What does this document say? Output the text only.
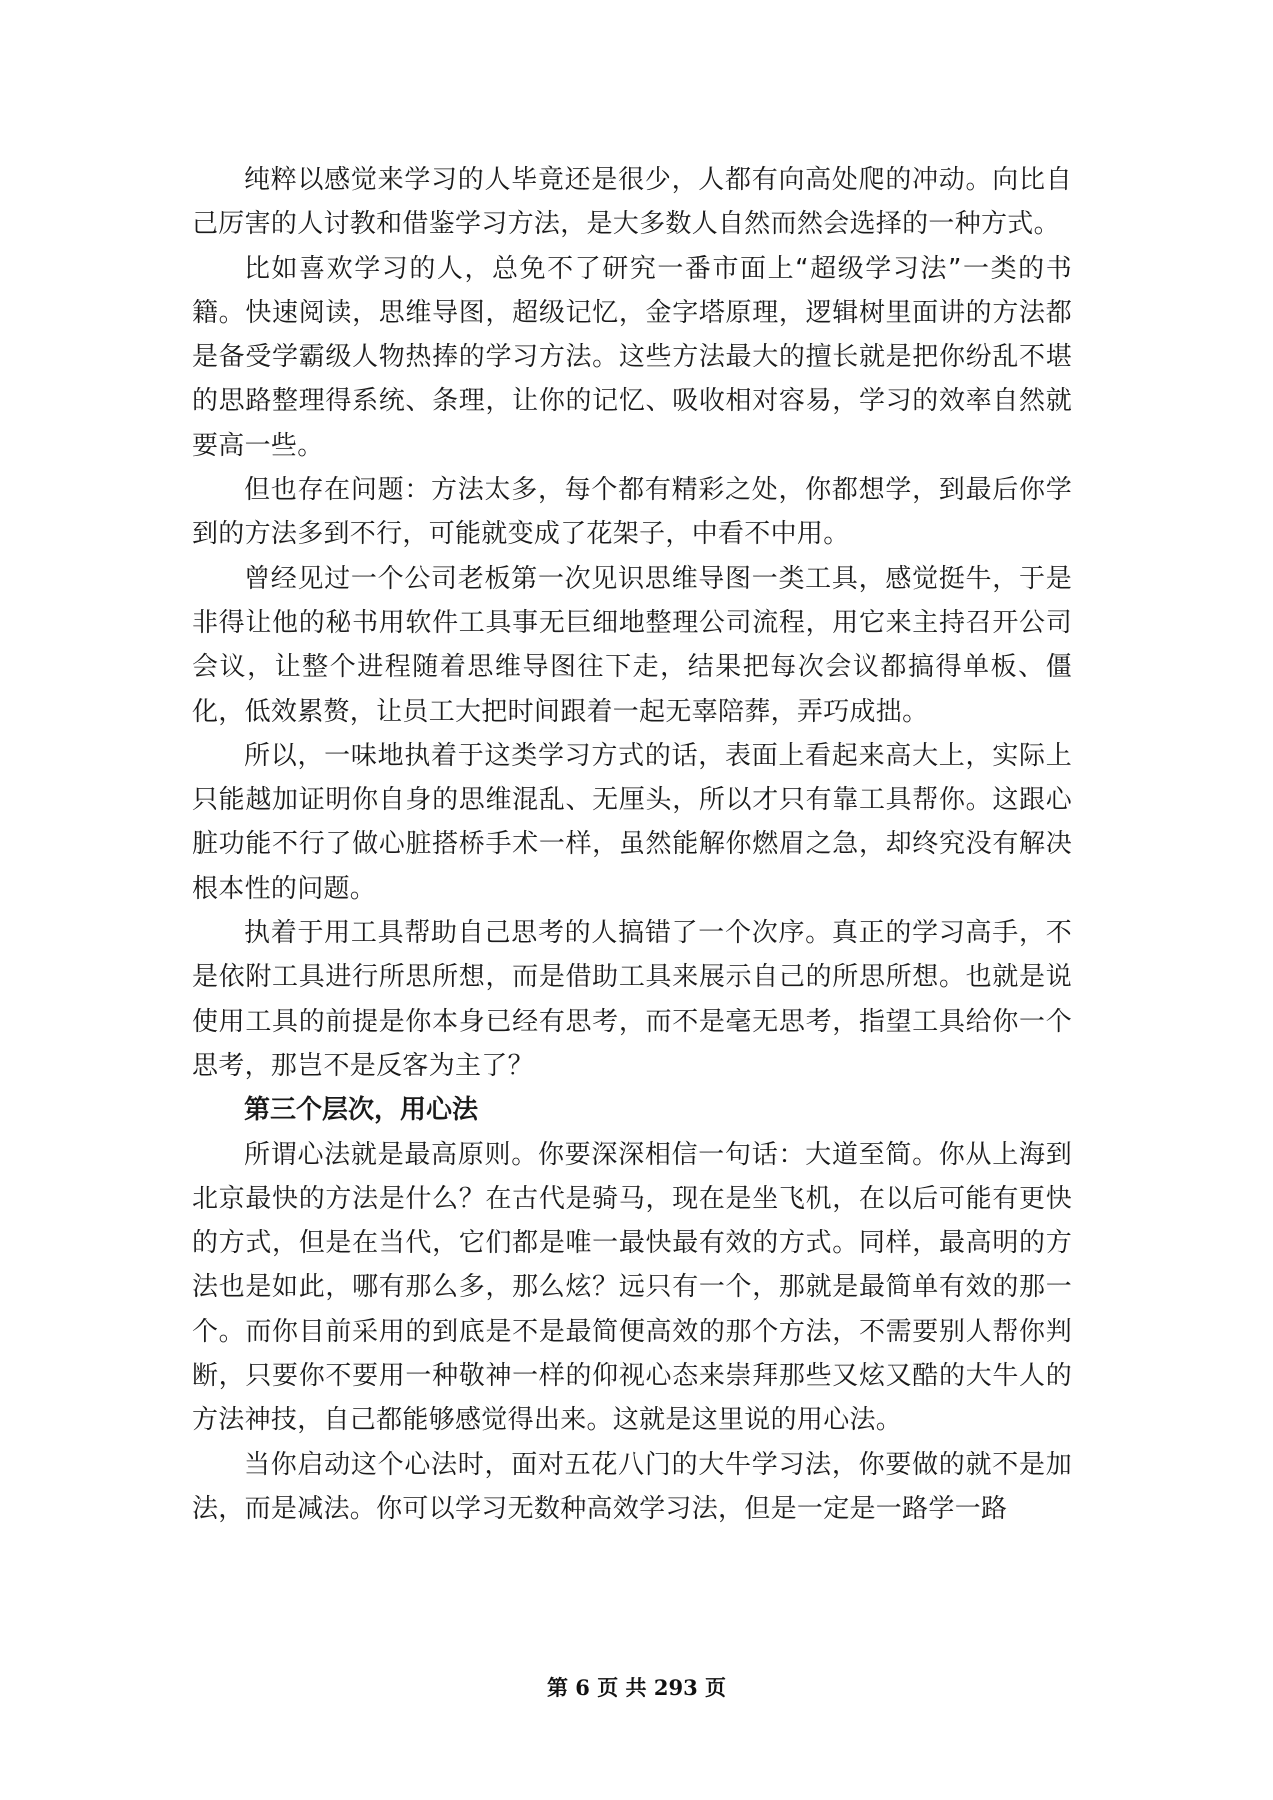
纯粹以感觉来学习的人毕竟还是很少，人都有向高处爬的冲动。向比自己厉害的人讨教和借鉴学习方法，是大多数人自然而然会选择的一种方式。

比如喜欢学习的人，总免不了研究一番市面上“超级学习法”一类的书籍。快速阅读，思维导图，超级记忆，金字塔原理，逻辑树里面讲的方法都是备受学霸级人物热捧的学习方法。这些方法最大的擅长就是把你纷乱不堪的思路整理得系统、条理，让你的记忆、吸收相对容易，学习的效率自然就要高一些。

但也存在问题：方法太多，每个都有精彩之处，你都想学，到最后你学到的方法多到不行，可能就变成了花架子，中看不中用。

曾经见过一个公司老板第一次见识思维导图一类工具，感觉挺牛，于是非得让他的秘书用软件工具事无巨细地整理公司流程，用它来主持召开公司会议，让整个进程随着思维导图往下走，结果把每次会议都搞得单板、僵化，低效累赘，让员工大把时间跟着一起无辜陪葬，弄巧成拙。

所以，一味地执着于这类学习方式的话，表面上看起来高大上，实际上只能越加证明你自身的思维混乱、无厘头，所以才只有靠工具帮你。这跟心脏功能不行了做心脏搭桥手术一样，虽然能解你燃眉之急，却终究没有解决根本性的问题。

执着于用工具帮助自己思考的人搞错了一个次序。真正的学习高手，不是依附工具进行所思所想，而是借助工具来展示自己的所思所想。也就是说使用工具的前提是你本身已经有思考，而不是毫无思考，指望工具给你一个思考，那岂不是反客为主了？

第三个层次，用心法

所谓心法就是最高原则。你要深深相信一句话：大道至简。你从上海到北京最快的方法是什么？在古代是骑马，现在是坐飞机，在以后可能有更快的方式，但是在当代，它们都是唯一最快最有效的方式。同样，最高明的方法也是如此，哪有那么多，那么炫？远只有一个，那就是最简单有效的那一个。而你目前采用的到底是不是最简便高效的那个方法，不需要别人帮你判断，只要你不要用一种敬神一样的仰视心态来崇拜那些又炫又酷的大牛人的方法神技，自己都能够感觉得出来。这就是这里说的用心法。

当你启动这个心法时，面对五花八门的大牛学习法，你要做的就不是加法，而是减法。你可以学习无数种高效学习法，但是一定是一路学一路

第 6 页 共 293 页
